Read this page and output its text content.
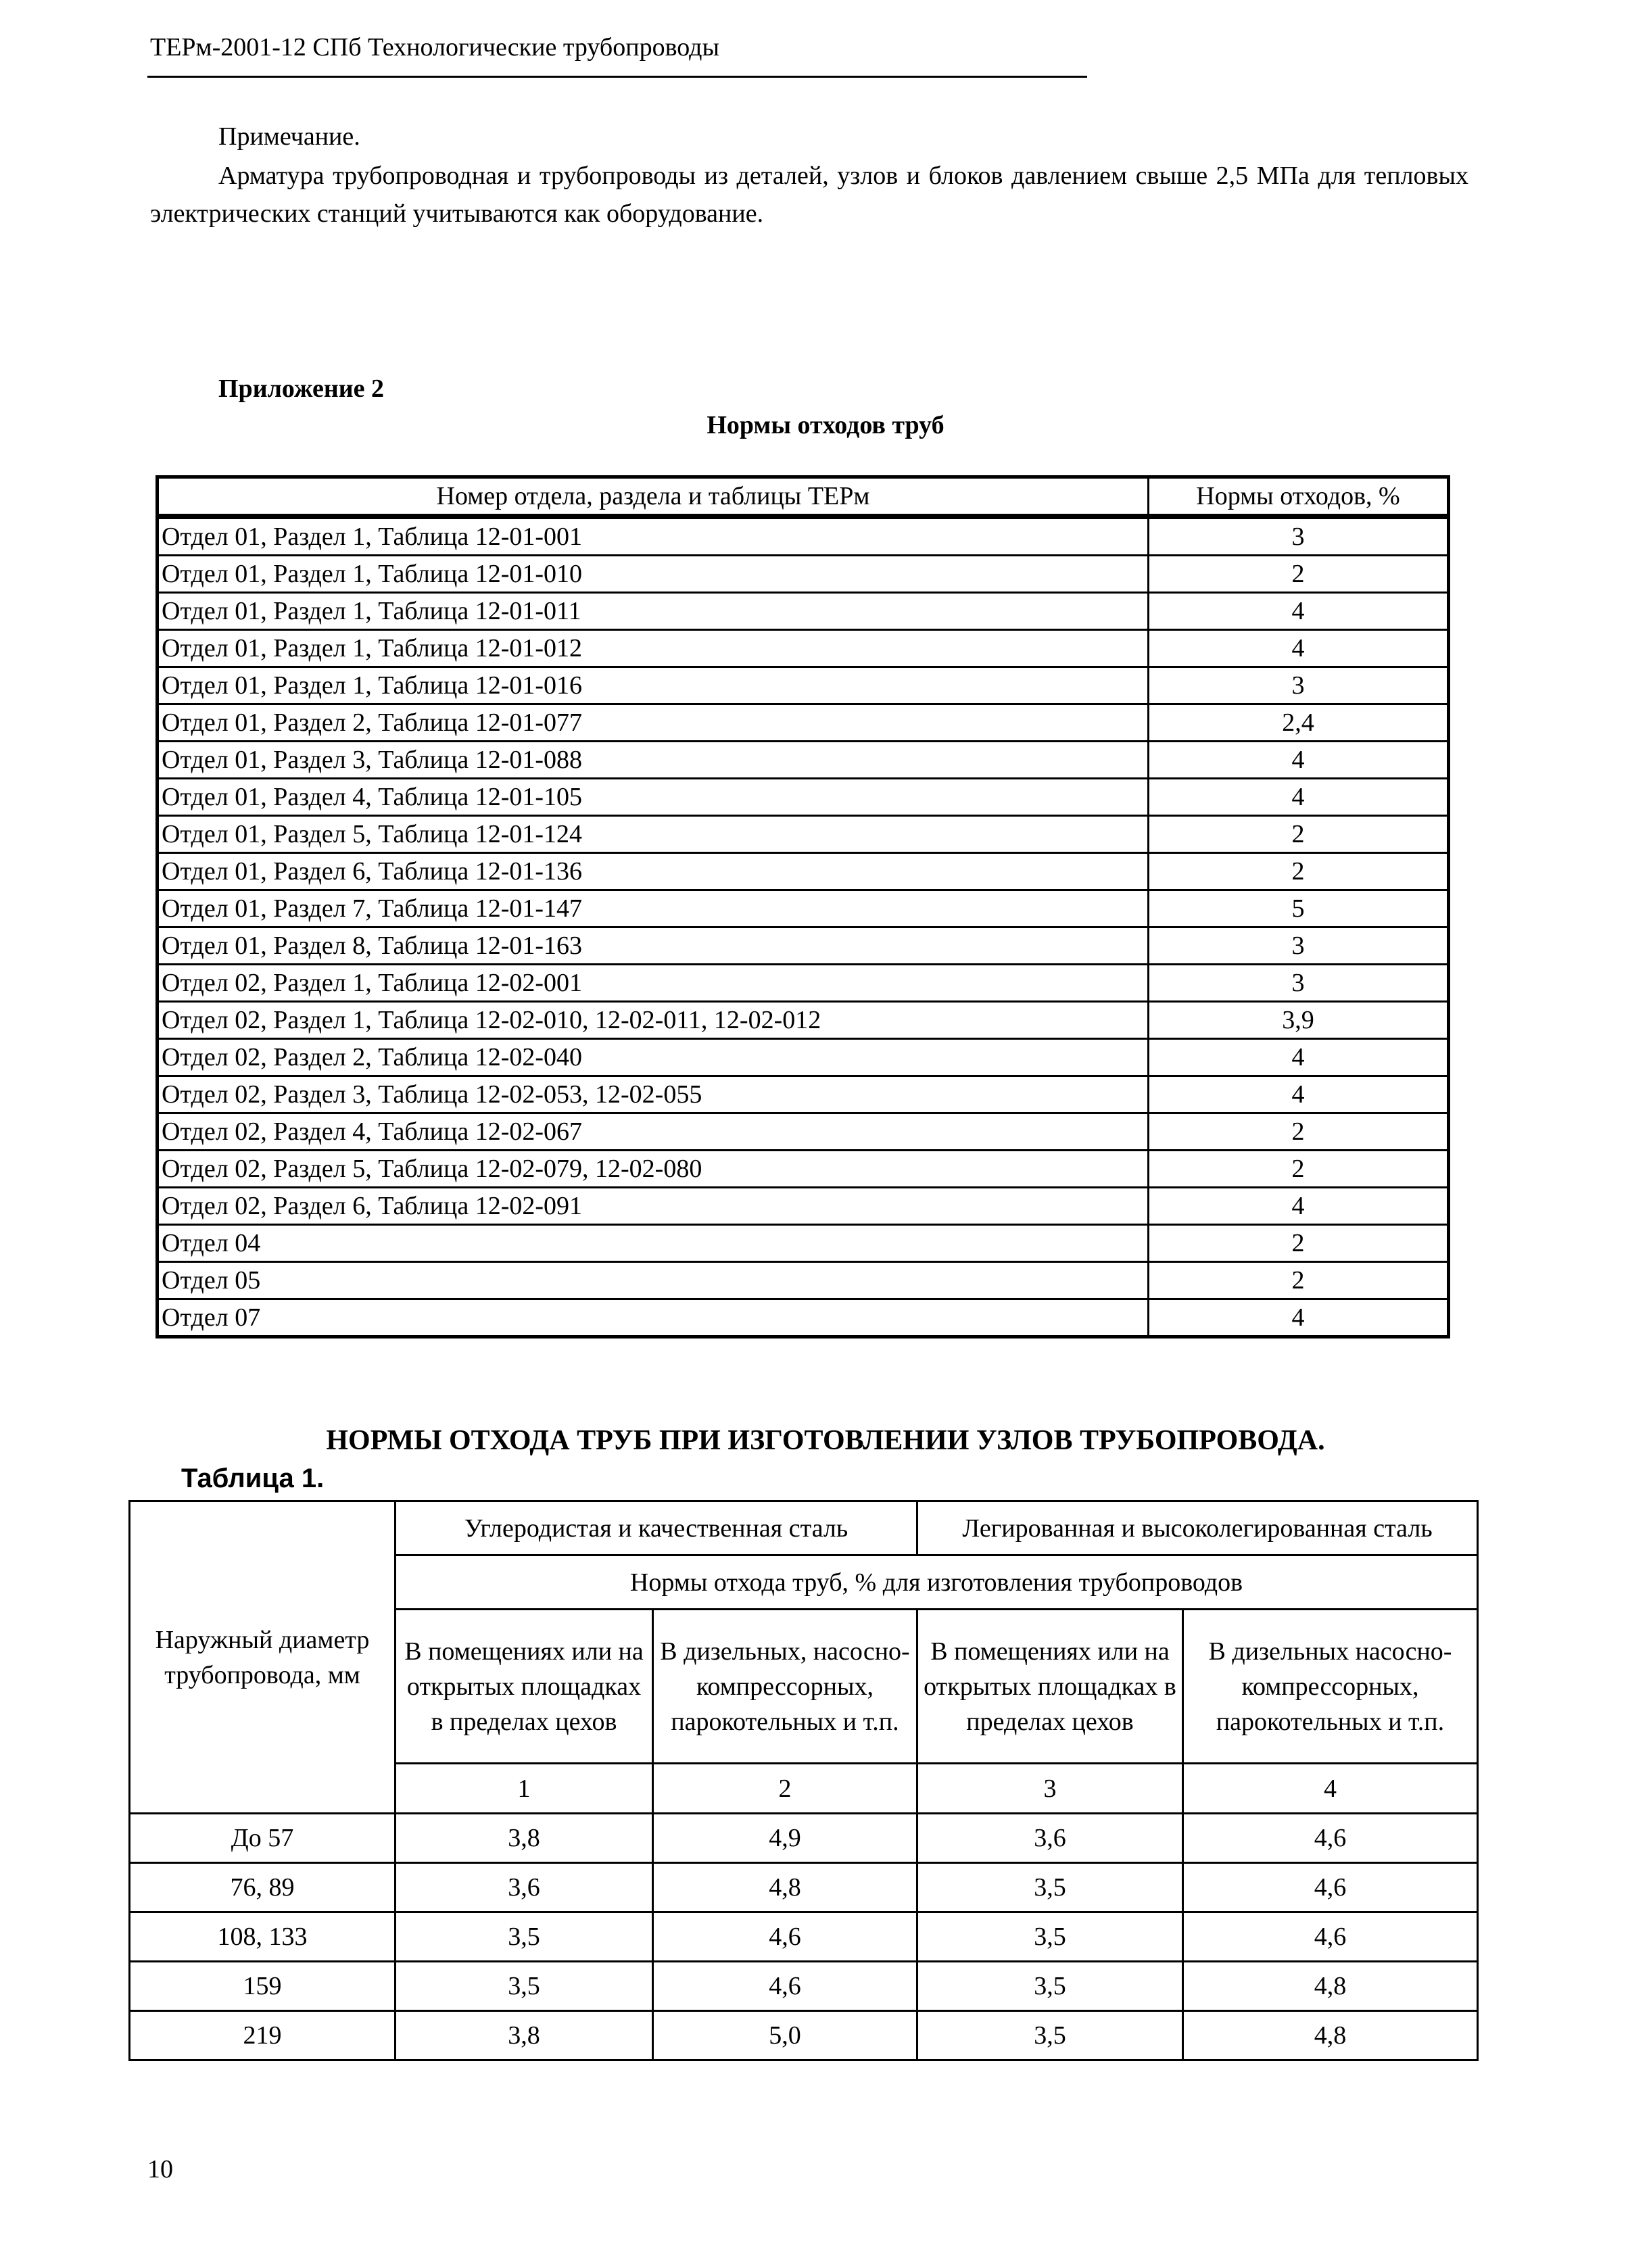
ТЕРм-2001-12 СПб Технологические трубопроводы
Примечание.
Арматура трубопроводная и трубопроводы из деталей, узлов и блоков давлением свыше 2,5 МПа для тепловых электрических станций учитываются как оборудование.
Приложение 2
Нормы отходов труб
Номер отдела, раздела и таблицы ТЕРм	Нормы отходов, %
Отдел 01, Раздел 1, Таблица 12-01-001	3
Отдел 01, Раздел 1, Таблица 12-01-010	2
Отдел 01, Раздел 1, Таблица 12-01-011	4
Отдел 01, Раздел 1, Таблица 12-01-012	4
Отдел 01, Раздел 1, Таблица 12-01-016	3
Отдел 01, Раздел 2, Таблица 12-01-077	2,4
Отдел 01, Раздел 3, Таблица 12-01-088	4
Отдел 01, Раздел 4, Таблица 12-01-105	4
Отдел 01, Раздел 5, Таблица 12-01-124	2
Отдел 01, Раздел 6, Таблица 12-01-136	2
Отдел 01, Раздел 7, Таблица 12-01-147	5
Отдел 01, Раздел 8, Таблица 12-01-163	3
Отдел 02, Раздел 1, Таблица 12-02-001	3
Отдел 02, Раздел 1, Таблица 12-02-010, 12-02-011, 12-02-012	3,9
Отдел 02, Раздел 2, Таблица 12-02-040	4
Отдел 02, Раздел 3, Таблица 12-02-053, 12-02-055	4
Отдел 02, Раздел 4, Таблица 12-02-067	2
Отдел 02, Раздел 5, Таблица 12-02-079, 12-02-080	2
Отдел 02, Раздел 6, Таблица 12-02-091	4
Отдел 04	2
Отдел 05	2
Отдел 07	4
НОРМЫ ОТХОДА ТРУБ ПРИ ИЗГОТОВЛЕНИИ УЗЛОВ ТРУБОПРОВОДА.
Таблица 1.
Наружный диаметр трубопровода, мм	Углеродистая и качественная сталь		Легированная и высоколегированная сталь	
	Нормы отхода труб, % для изготовления трубопроводов			
	В помещениях или на открытых площадках в пределах цехов	В дизельных, насосно-компрессорных, парокотельных и т.п.	В помещениях или на открытых площадках в пределах цехов	В дизельных насосно-компрессорных, парокотельных и т.п.
	1	2	3	4
До 57	3,8	4,9	3,6	4,6
76, 89	3,6	4,8	3,5	4,6
108, 133	3,5	4,6	3,5	4,6
159	3,5	4,6	3,5	4,8
219	3,8	5,0	3,5	4,8
10
